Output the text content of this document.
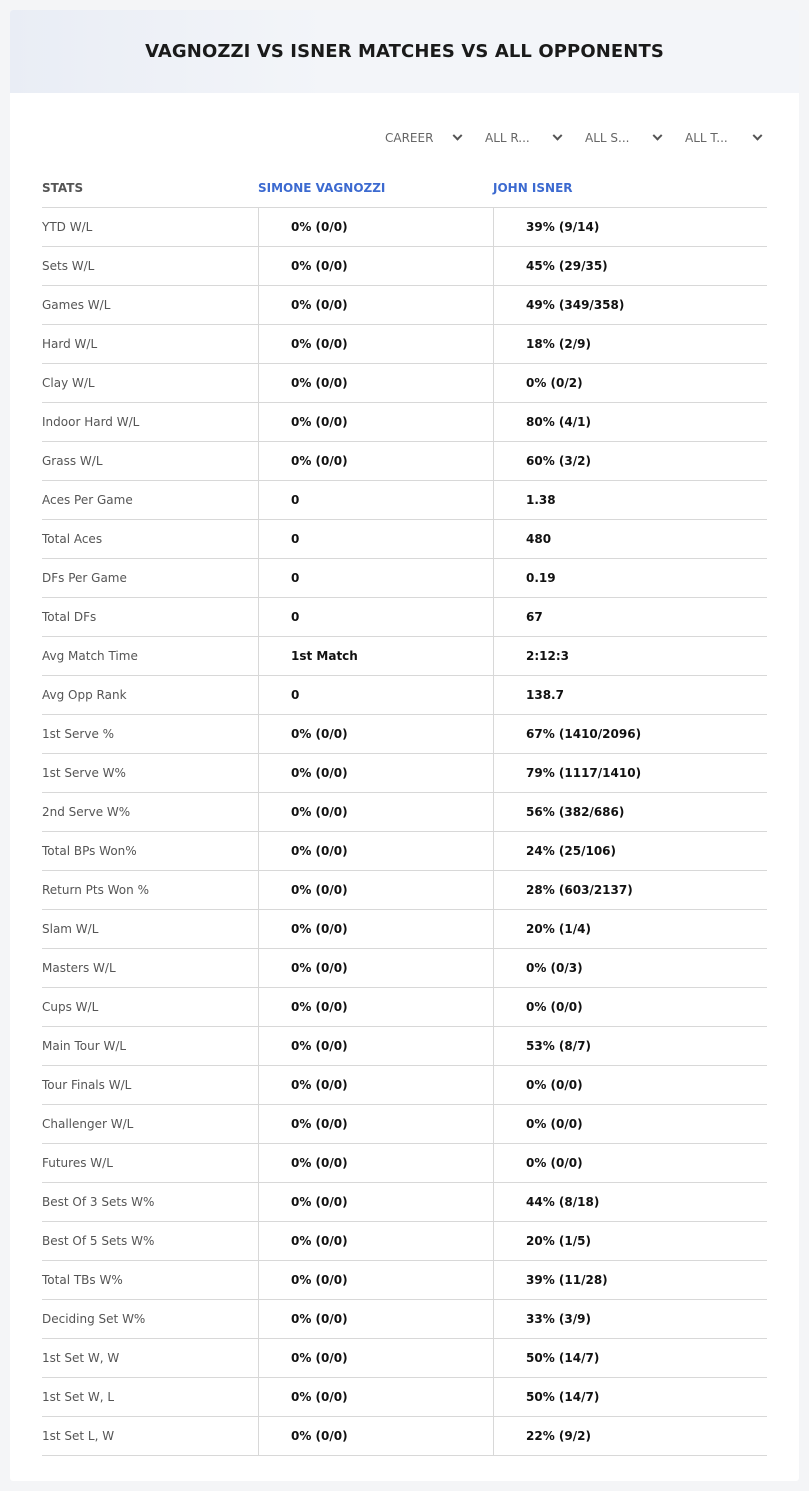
VAGNOZZI VS ISNER MATCHES VS ALL OPPONENTS
CAREER	ALL R...	ALL S...	ALL T...
STATS	SIMONE VAGNOZZI	JOHN ISNER
YTD W/L	0% (0/0)	39% (9/14)
Sets W/L	0% (0/0)	45% (29/35)
Games W/L	0% (0/0)	49% (349/358)
Hard W/L	0% (0/0)	18% (2/9)
Clay W/L	0% (0/0)	0% (0/2)
Indoor Hard W/L	0% (0/0)	80% (4/1)
Grass W/L	0% (0/0)	60% (3/2)
Aces Per Game	0	1.38
Total Aces	0	480
DFs Per Game	0	0.19
Total DFs	0	67
Avg Match Time	1st Match	2:12:3
Avg Opp Rank	0	138.7
1st Serve %	0% (0/0)	67% (1410/2096)
1st Serve W%	0% (0/0)	79% (1117/1410)
2nd Serve W%	0% (0/0)	56% (382/686)
Total BPs Won%	0% (0/0)	24% (25/106)
Return Pts Won %	0% (0/0)	28% (603/2137)
Slam W/L	0% (0/0)	20% (1/4)
Masters W/L	0% (0/0)	0% (0/3)
Cups W/L	0% (0/0)	0% (0/0)
Main Tour W/L	0% (0/0)	53% (8/7)
Tour Finals W/L	0% (0/0)	0% (0/0)
Challenger W/L	0% (0/0)	0% (0/0)
Futures W/L	0% (0/0)	0% (0/0)
Best Of 3 Sets W%	0% (0/0)	44% (8/18)
Best Of 5 Sets W%	0% (0/0)	20% (1/5)
Total TBs W%	0% (0/0)	39% (11/28)
Deciding Set W%	0% (0/0)	33% (3/9)
1st Set W, W	0% (0/0)	50% (14/7)
1st Set W, L	0% (0/0)	50% (14/7)
1st Set L, W	0% (0/0)	22% (9/2)
